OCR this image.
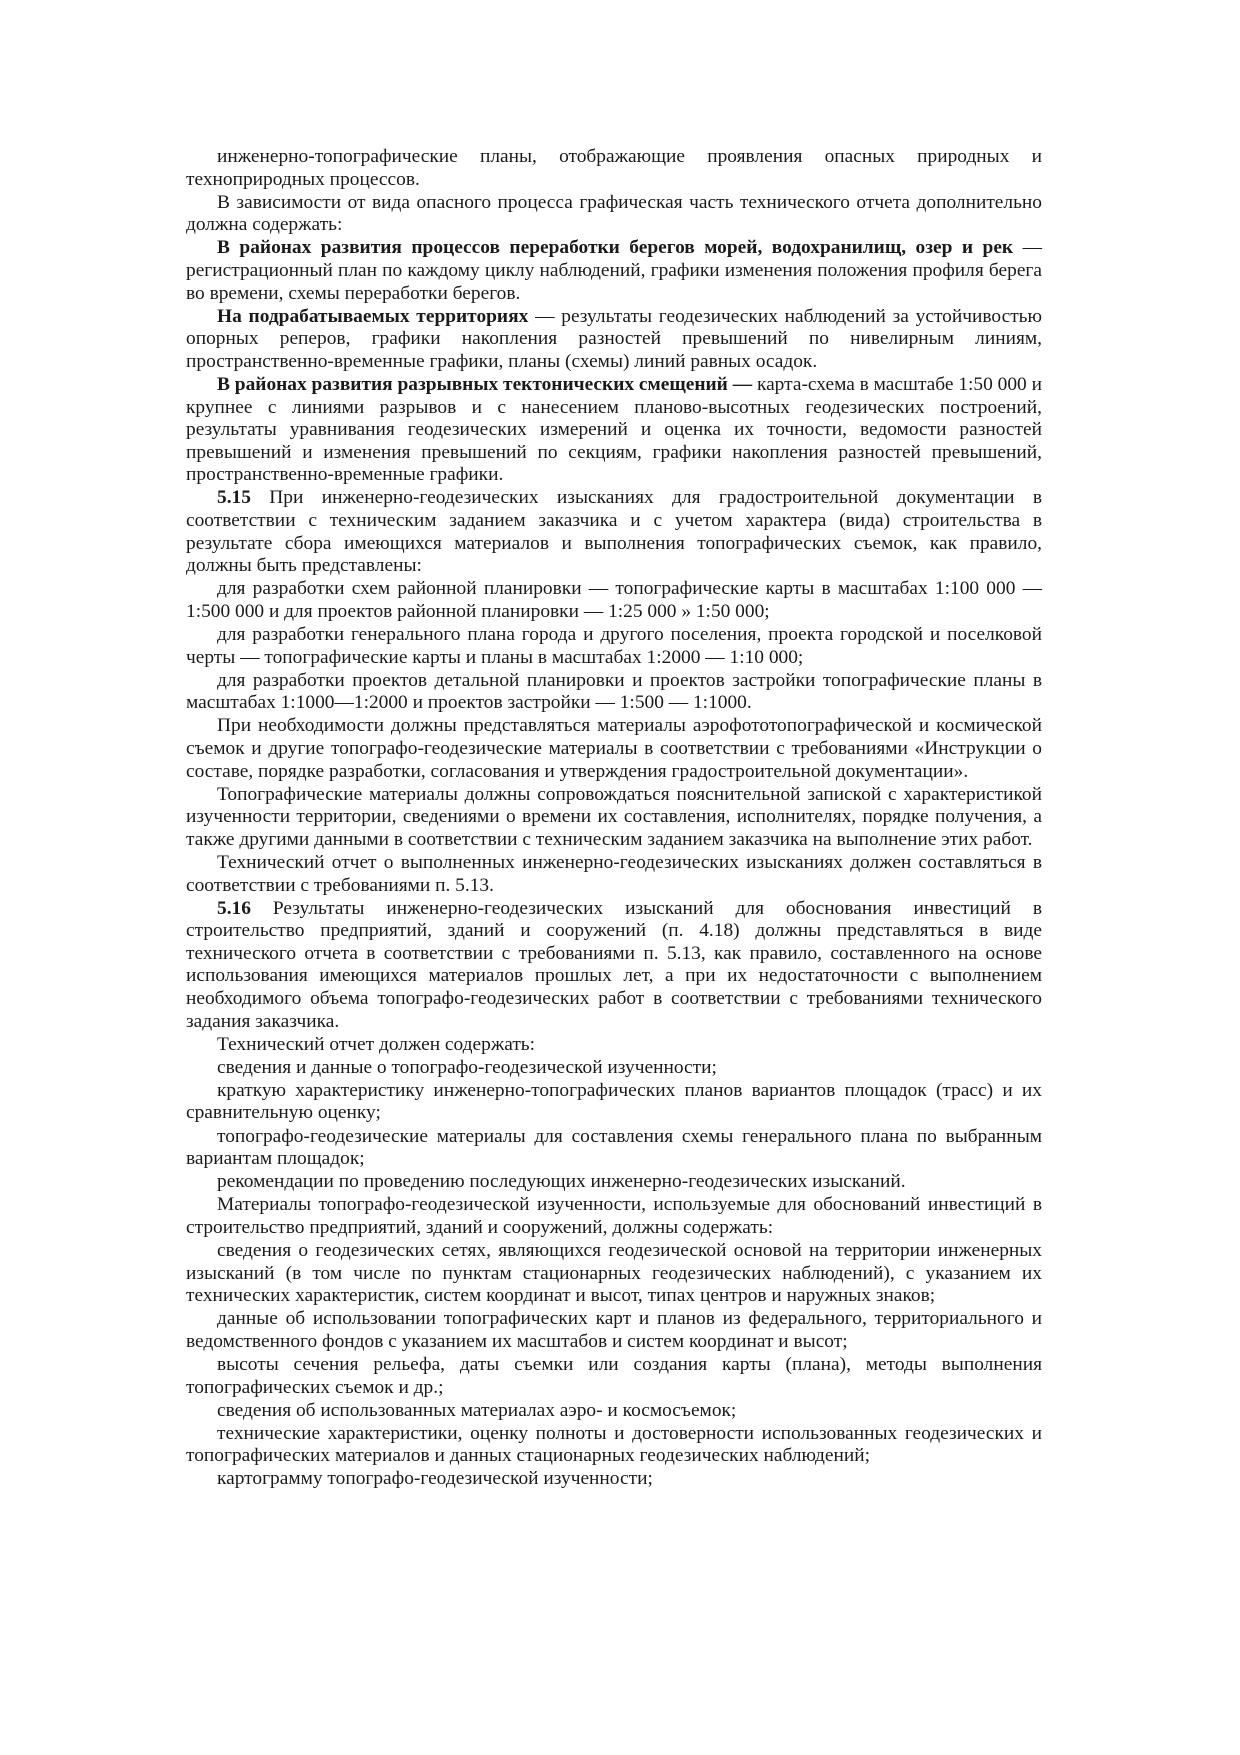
инженерно-топографические планы, отображающие проявления опасных природных и технoприродных процессов.

В зависимости от вида опасного процесса графическая часть технического отчета дополнительно должна содержать:

В районах развития процессов переработки берегов морей, водохранилищ, озер и рек — регистрационный план по каждому циклу наблюдений, графики изменения положения профиля берега во времени, схемы переработки берегов.

На подрабатываемых территориях — результаты геодезических наблюдений за устойчивостью опорных реперов, графики накопления разностей превышений по нивелирным линиям, пространственно-временные графики, планы (схемы) линий равных осадок.

В районах развития разрывных тектонических смещений — карта-схема в масштабе 1:50 000 и крупнее с линиями разрывов и с нанесением планово-высотных геодезических построений, результаты уравнивания геодезических измерений и оценка их точности, ведомости разностей превышений и изменения превышений по секциям, графики накопления разностей превышений, пространственно-временные графики.

5.15 При инженерно-геодезических изысканиях для градостроительной документации в соответствии с техническим заданием заказчика и с учетом характера (вида) строительства в результате сбора имеющихся материалов и выполнения топографических съемок, как правило, должны быть представлены:

для разработки схем районной планировки — топографические карты в масштабах 1:100 000 — 1:500 000 и для проектов районной планировки — 1:25 000 » 1:50 000;

для разработки генерального плана города и другого поселения, проекта городской и поселковой черты — топографические карты и планы в масштабах 1:2000 — 1:10 000;

для разработки проектов детальной планировки и проектов застройки топографические планы в масштабах 1:1000—1:2000 и проектов застройки — 1:500 — 1:1000.

При необходимости должны представляться материалы аэрофототопографической и космической съемок и другие топографо-геодезические материалы в соответствии с требованиями «Инструкции о составе, порядке разработки, согласования и утверждения градостроительной документации».

Топографические материалы должны сопровождаться пояснительной запиской с характеристикой изученности территории, сведениями о времени их составления, исполнителях, порядке получения, а также другими данными в соответствии с техническим заданием заказчика на выполнение этих работ.

Технический отчет о выполненных инженерно-геодезических изысканиях должен составляться в соответствии с требованиями п. 5.13.

5.16 Результаты инженерно-геодезических изысканий для обоснования инвестиций в строительство предприятий, зданий и сооружений (п. 4.18) должны представляться в виде технического отчета в соответствии с требованиями п. 5.13, как правило, составленного на основе использования имеющихся материалов прошлых лет, а при их недостаточности с выполнением необходимого объема топографо-геодезических работ в соответствии с требованиями технического задания заказчика.

Технический отчет должен содержать:

сведения и данные о топографо-геодезической изученности;

краткую характеристику инженерно-топографических планов вариантов площадок (трасс) и их сравнительную оценку;

топографо-геодезические материалы для составления схемы генерального плана по выбранным вариантам площадок;

рекомендации по проведению последующих инженерно-геодезических изысканий.

Материалы топографо-геодезической изученности, используемые для обоснований инвестиций в строительство предприятий, зданий и сооружений, должны содержать:

сведения о геодезических сетях, являющихся геодезической основой на территории инженерных изысканий (в том числе по пунктам стационарных геодезических наблюдений), с указанием их технических характеристик, систем координат и высот, типах центров и наружных знаков;

данные об использовании топографических карт и планов из федерального, территориального и ведомственного фондов с указанием их масштабов и систем координат и высот;

высоты сечения рельефа, даты съемки или создания карты (плана), методы выполнения топографических съемок и др.;

сведения об использованных материалах аэро- и космосъемок;

технические характеристики, оценку полноты и достоверности использованных геодезических и топографических материалов и данных стационарных геодезических наблюдений;

картограмму топографо-геодезической изученности;
